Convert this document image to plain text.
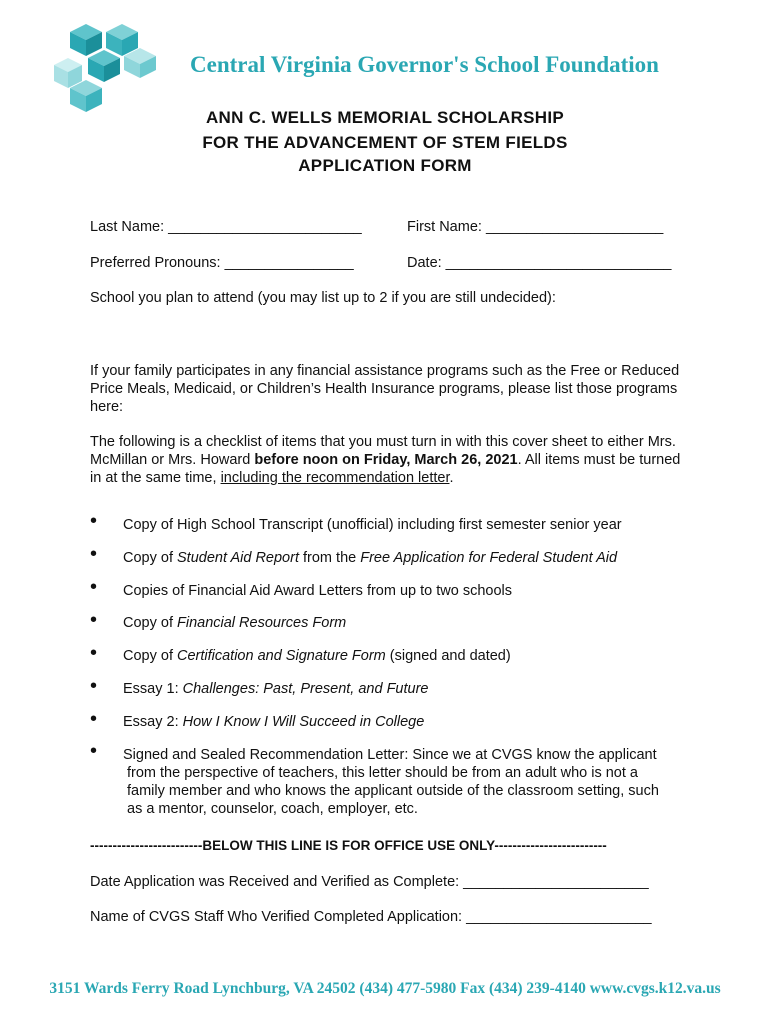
Central Virginia Governor's School Foundation
ANN C. WELLS MEMORIAL SCHOLARSHIP
FOR THE ADVANCEMENT OF STEM FIELDS
APPLICATION FORM
Last Name: ________________________	First Name: ______________________
Preferred Pronouns: ________________	Date: ____________________________
School you plan to attend (you may list up to 2 if you are still undecided):
If your family participates in any financial assistance programs such as the Free or Reduced Price Meals, Medicaid, or Children’s Health Insurance programs, please list those programs here:
The following is a checklist of items that you must turn in with this cover sheet to either Mrs. McMillan or Mrs. Howard before noon on Friday, March 26, 2021. All items must be turned in at the same time, including the recommendation letter.
• Copy of High School Transcript (unofficial) including first semester senior year
• Copy of Student Aid Report from the Free Application for Federal Student Aid
• Copies of Financial Aid Award Letters from up to two schools
• Copy of Financial Resources Form
• Copy of Certification and Signature Form (signed and dated)
• Essay 1: Challenges: Past, Present, and Future
• Essay 2: How I Know I Will Succeed in College
• Signed and Sealed Recommendation Letter: Since we at CVGS know the applicant
from the perspective of teachers, this letter should be from an adult who is not a
family member and who knows the applicant outside of the classroom setting, such
as a mentor, counselor, coach, employer, etc.
-------------------------BELOW THIS LINE IS FOR OFFICE USE ONLY-------------------------
Date Application was Received and Verified as Complete: _______________________
Name of CVGS Staff Who Verified Completed Application: _______________________
3151 Wards Ferry Road Lynchburg, VA 24502 (434) 477-5980 Fax (434) 239-4140 www.cvgs.k12.va.us
